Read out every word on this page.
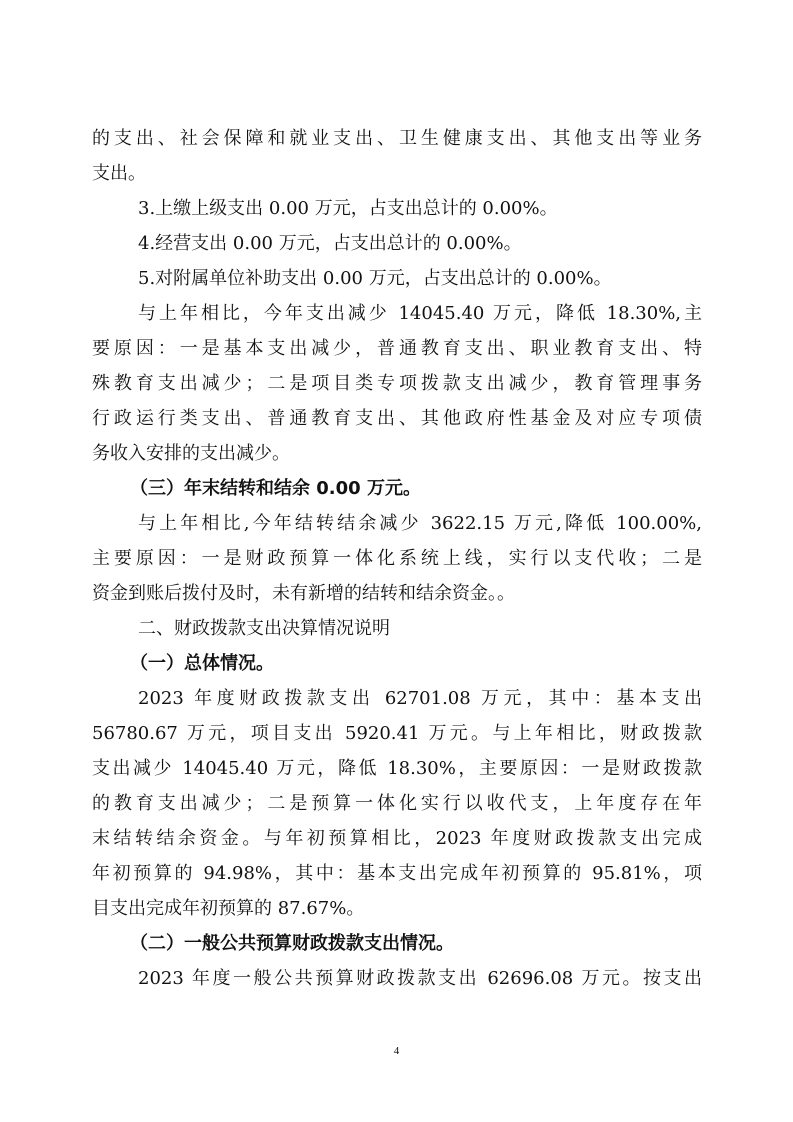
的支出、社会保障和就业支出、卫生健康支出、其他支出等业务
支出。
3.上缴上级支出 0.00 万元，占支出总计的 0.00%。
4.经营支出 0.00 万元，占支出总计的 0.00%。
5.对附属单位补助支出 0.00 万元，占支出总计的 0.00%。
与上年相比，今年支出减少 14045.40 万元，降低 18.30%,主
要原因：一是基本支出减少，普通教育支出、职业教育支出、特
殊教育支出减少；二是项目类专项拨款支出减少，教育管理事务
行政运行类支出、普通教育支出、其他政府性基金及对应专项债
务收入安排的支出减少。
（三）年末结转和结余 0.00 万元。
与上年相比,今年结转结余减少 3622.15 万元,降低 100.00%,
主要原因：一是财政预算一体化系统上线，实行以支代收；二是
资金到账后拨付及时，未有新增的结转和结余资金。。
二、财政拨款支出决算情况说明
（一）总体情况。
2023 年度财政拨款支出 62701.08 万元，其中：基本支出
56780.67 万元，项目支出 5920.41 万元。与上年相比，财政拨款
支出减少 14045.40 万元，降低 18.30%，主要原因：一是财政拨款
的教育支出减少；二是预算一体化实行以收代支，上年度存在年
末结转结余资金。与年初预算相比，2023 年度财政拨款支出完成
年初预算的 94.98%，其中：基本支出完成年初预算的 95.81%，项
目支出完成年初预算的 87.67%。
（二）一般公共预算财政拨款支出情况。
2023 年度一般公共预算财政拨款支出 62696.08 万元。按支出
4
